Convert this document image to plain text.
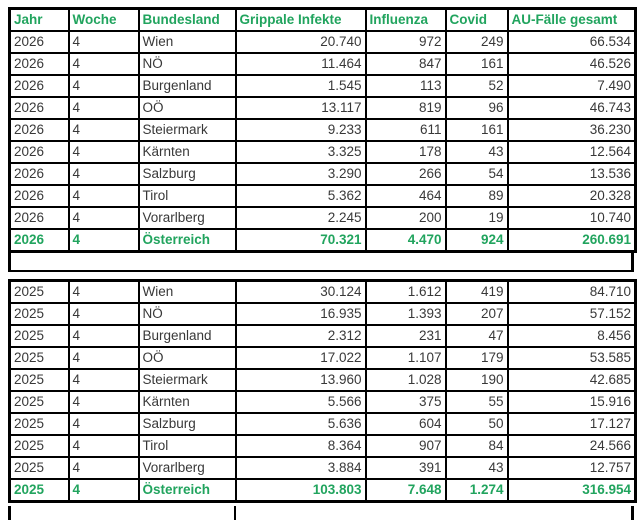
Jahr	Woche	Bundesland	Grippale Infekte	Influenza	Covid	AU-Fälle gesamt
2026	4	Wien	20.740	972	249	66.534
2026	4	NÖ	11.464	847	161	46.526
2026	4	Burgenland	1.545	113	52	7.490
2026	4	OÖ	13.117	819	96	46.743
2026	4	Steiermark	9.233	611	161	36.230
2026	4	Kärnten	3.325	178	43	12.564
2026	4	Salzburg	3.290	266	54	13.536
2026	4	Tirol	5.362	464	89	20.328
2026	4	Vorarlberg	2.245	200	19	10.740
2026	4	Österreich	70.321	4.470	924	260.691
2025	4	Wien	30.124	1.612	419	84.710
2025	4	NÖ	16.935	1.393	207	57.152
2025	4	Burgenland	2.312	231	47	8.456
2025	4	OÖ	17.022	1.107	179	53.585
2025	4	Steiermark	13.960	1.028	190	42.685
2025	4	Kärnten	5.566	375	55	15.916
2025	4	Salzburg	5.636	604	50	17.127
2025	4	Tirol	8.364	907	84	24.566
2025	4	Vorarlberg	3.884	391	43	12.757
2025	4	Österreich	103.803	7.648	1.274	316.954
